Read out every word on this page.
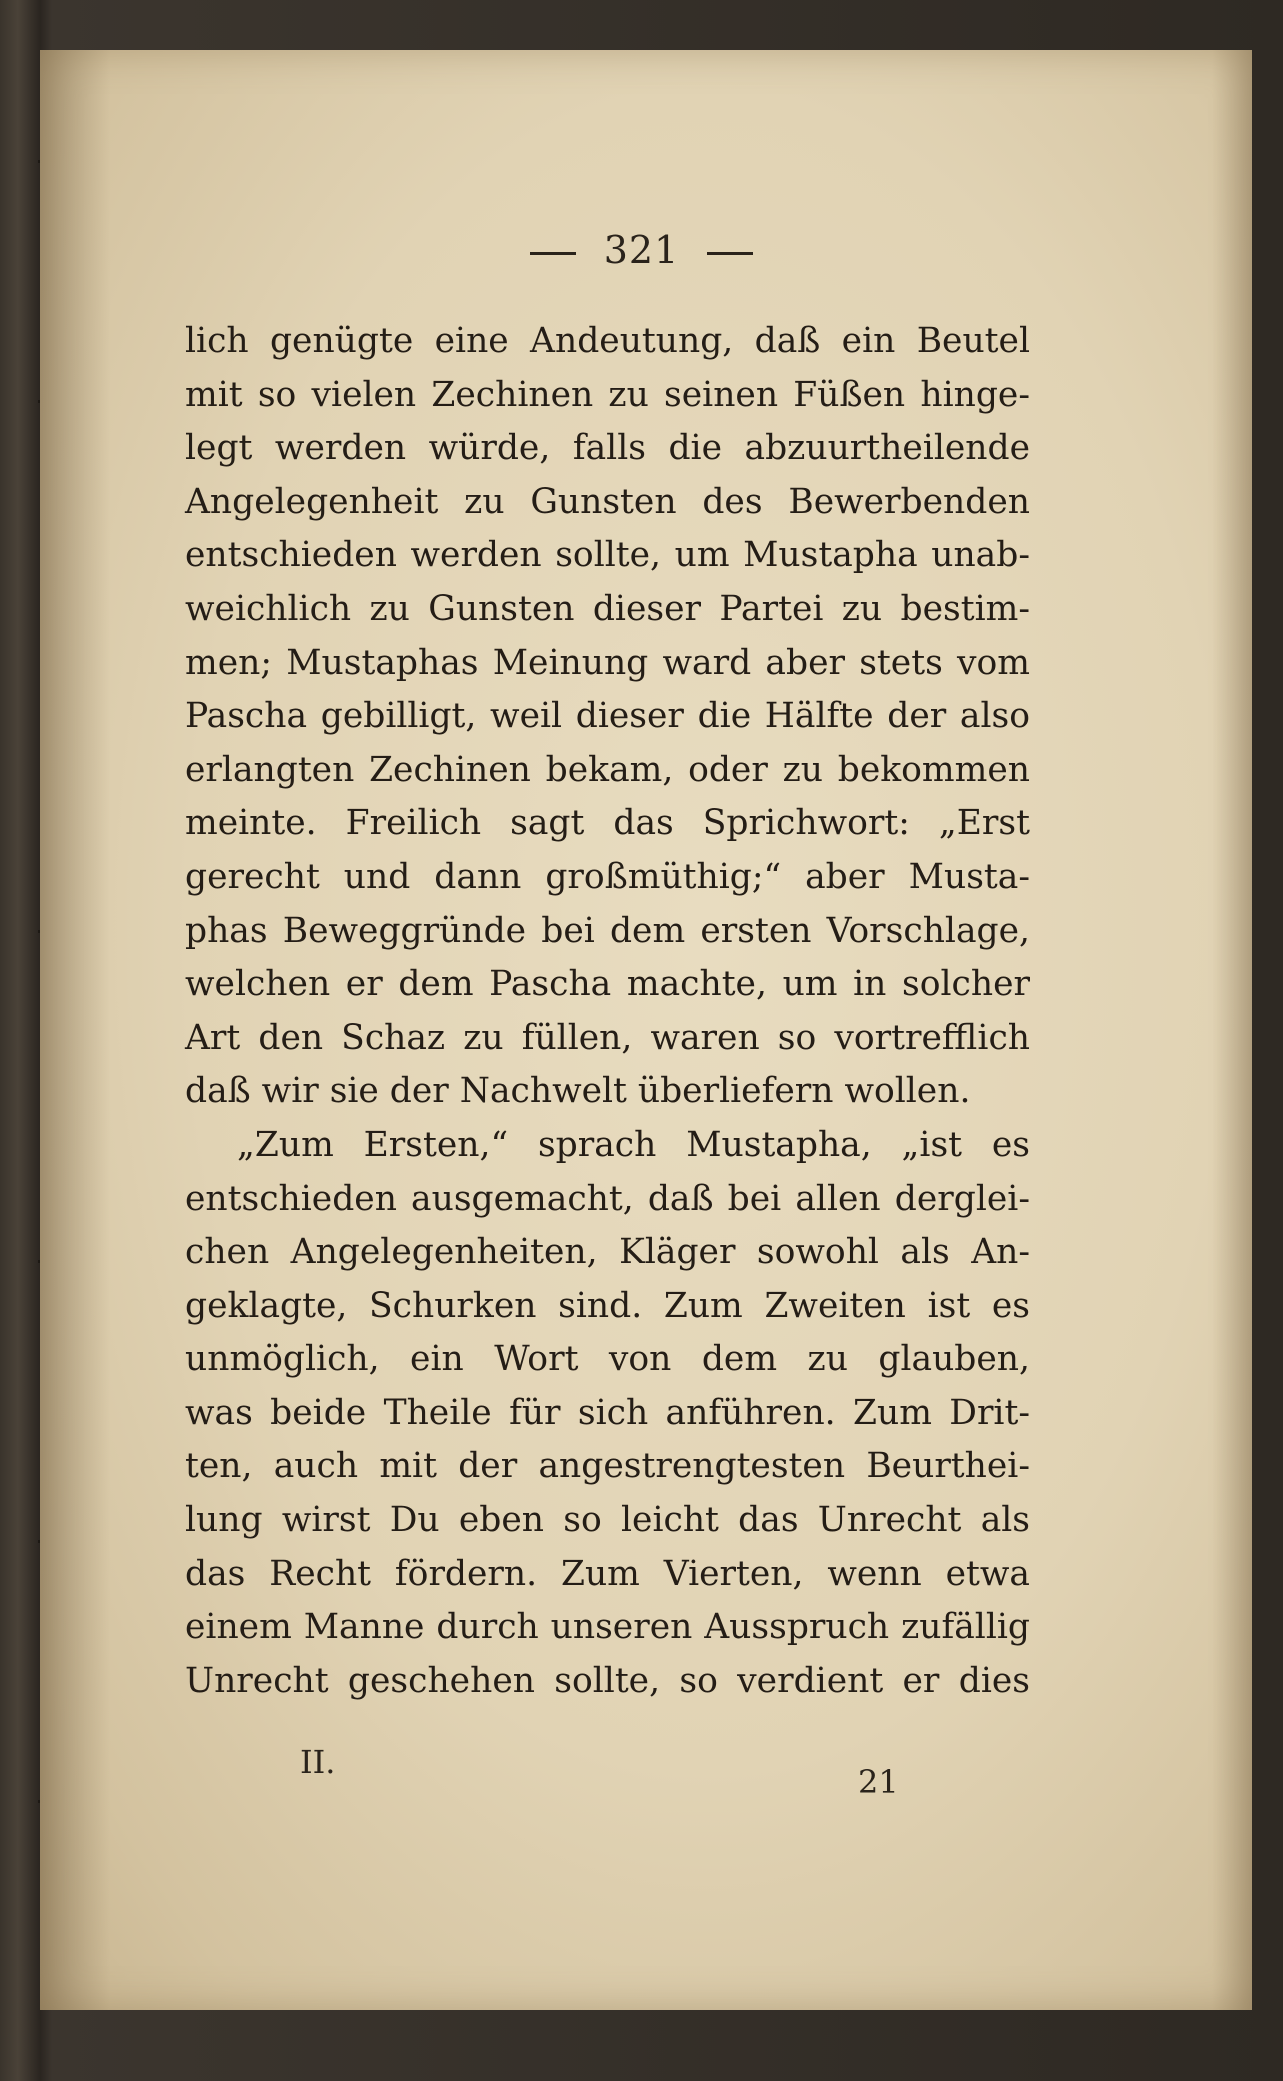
321
lich genügte eine Andeutung, daß ein Beutel
mit so vielen Zechinen zu seinen Füßen hinge-
legt werden würde, falls die abzuurtheilende
Angelegenheit zu Gunsten des Bewerbenden
entschieden werden sollte, um Mustapha unab-
weichlich zu Gunsten dieser Partei zu bestim-
men; Mustaphas Meinung ward aber stets vom
Pascha gebilligt, weil dieser die Hälfte der also
erlangten Zechinen bekam, oder zu bekommen
meinte. Freilich sagt das Sprichwort: „Erst
gerecht und dann großmüthig;“ aber Musta-
phas Beweggründe bei dem ersten Vorschlage,
welchen er dem Pascha machte, um in solcher
Art den Schaz zu füllen, waren so vortrefflich
daß wir sie der Nachwelt überliefern wollen.
„Zum Ersten,“ sprach Mustapha, „ist es
entschieden ausgemacht, daß bei allen derglei-
chen Angelegenheiten, Kläger sowohl als An-
geklagte, Schurken sind. Zum Zweiten ist es
unmöglich, ein Wort von dem zu glauben,
was beide Theile für sich anführen. Zum Drit-
ten, auch mit der angestrengtesten Beurthei-
lung wirst Du eben so leicht das Unrecht als
das Recht fördern. Zum Vierten, wenn etwa
einem Manne durch unseren Ausspruch zufällig
Unrecht geschehen sollte, so verdient er dies
II.
21
